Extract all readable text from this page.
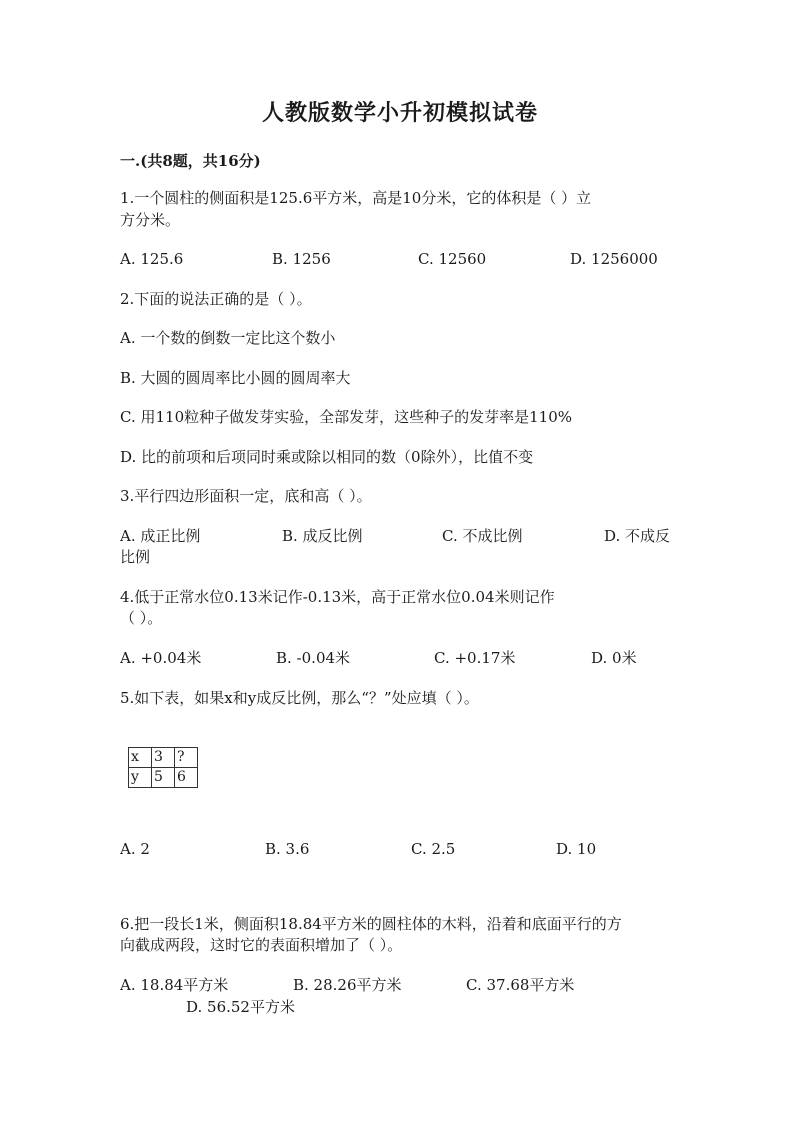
人教版数学小升初模拟试卷
一.(共8题，共16分)
1.一个圆柱的侧面积是125.6平方米，高是10分米，它的体积是（ ）立
方分米。
A. 125.6	B. 1256	C. 12560	D. 1256000
2.下面的说法正确的是（ ）。
A. 一个数的倒数一定比这个数小
B. 大圆的圆周率比小圆的圆周率大
C. 用110粒种子做发芽实验，全部发芽，这些种子的发芽率是110%
D. 比的前项和后项同时乘或除以相同的数（0除外），比值不变
3.平行四边形面积一定，底和高（ ）。
A. 成正比例	B. 成反比例	C. 不成比例	D. 不成反
比例
4.低于正常水位0.13米记作-0.13米，高于正常水位0.04米则记作
（ ）。
A. +0.04米	B. -0.04米	C. +0.17米	D. 0米
5.如下表，如果x和y成反比例，那么“？”处应填（ ）。
x	3	?
y	5	6
A. 2	B. 3.6	C. 2.5	D. 10
6.把一段长1米，侧面积18.84平方米的圆柱体的木料，沿着和底面平行的方
向截成两段，这时它的表面积增加了（ ）。
A. 18.84平方米	B. 28.26平方米	C. 37.68平方米
D. 56.52平方米
